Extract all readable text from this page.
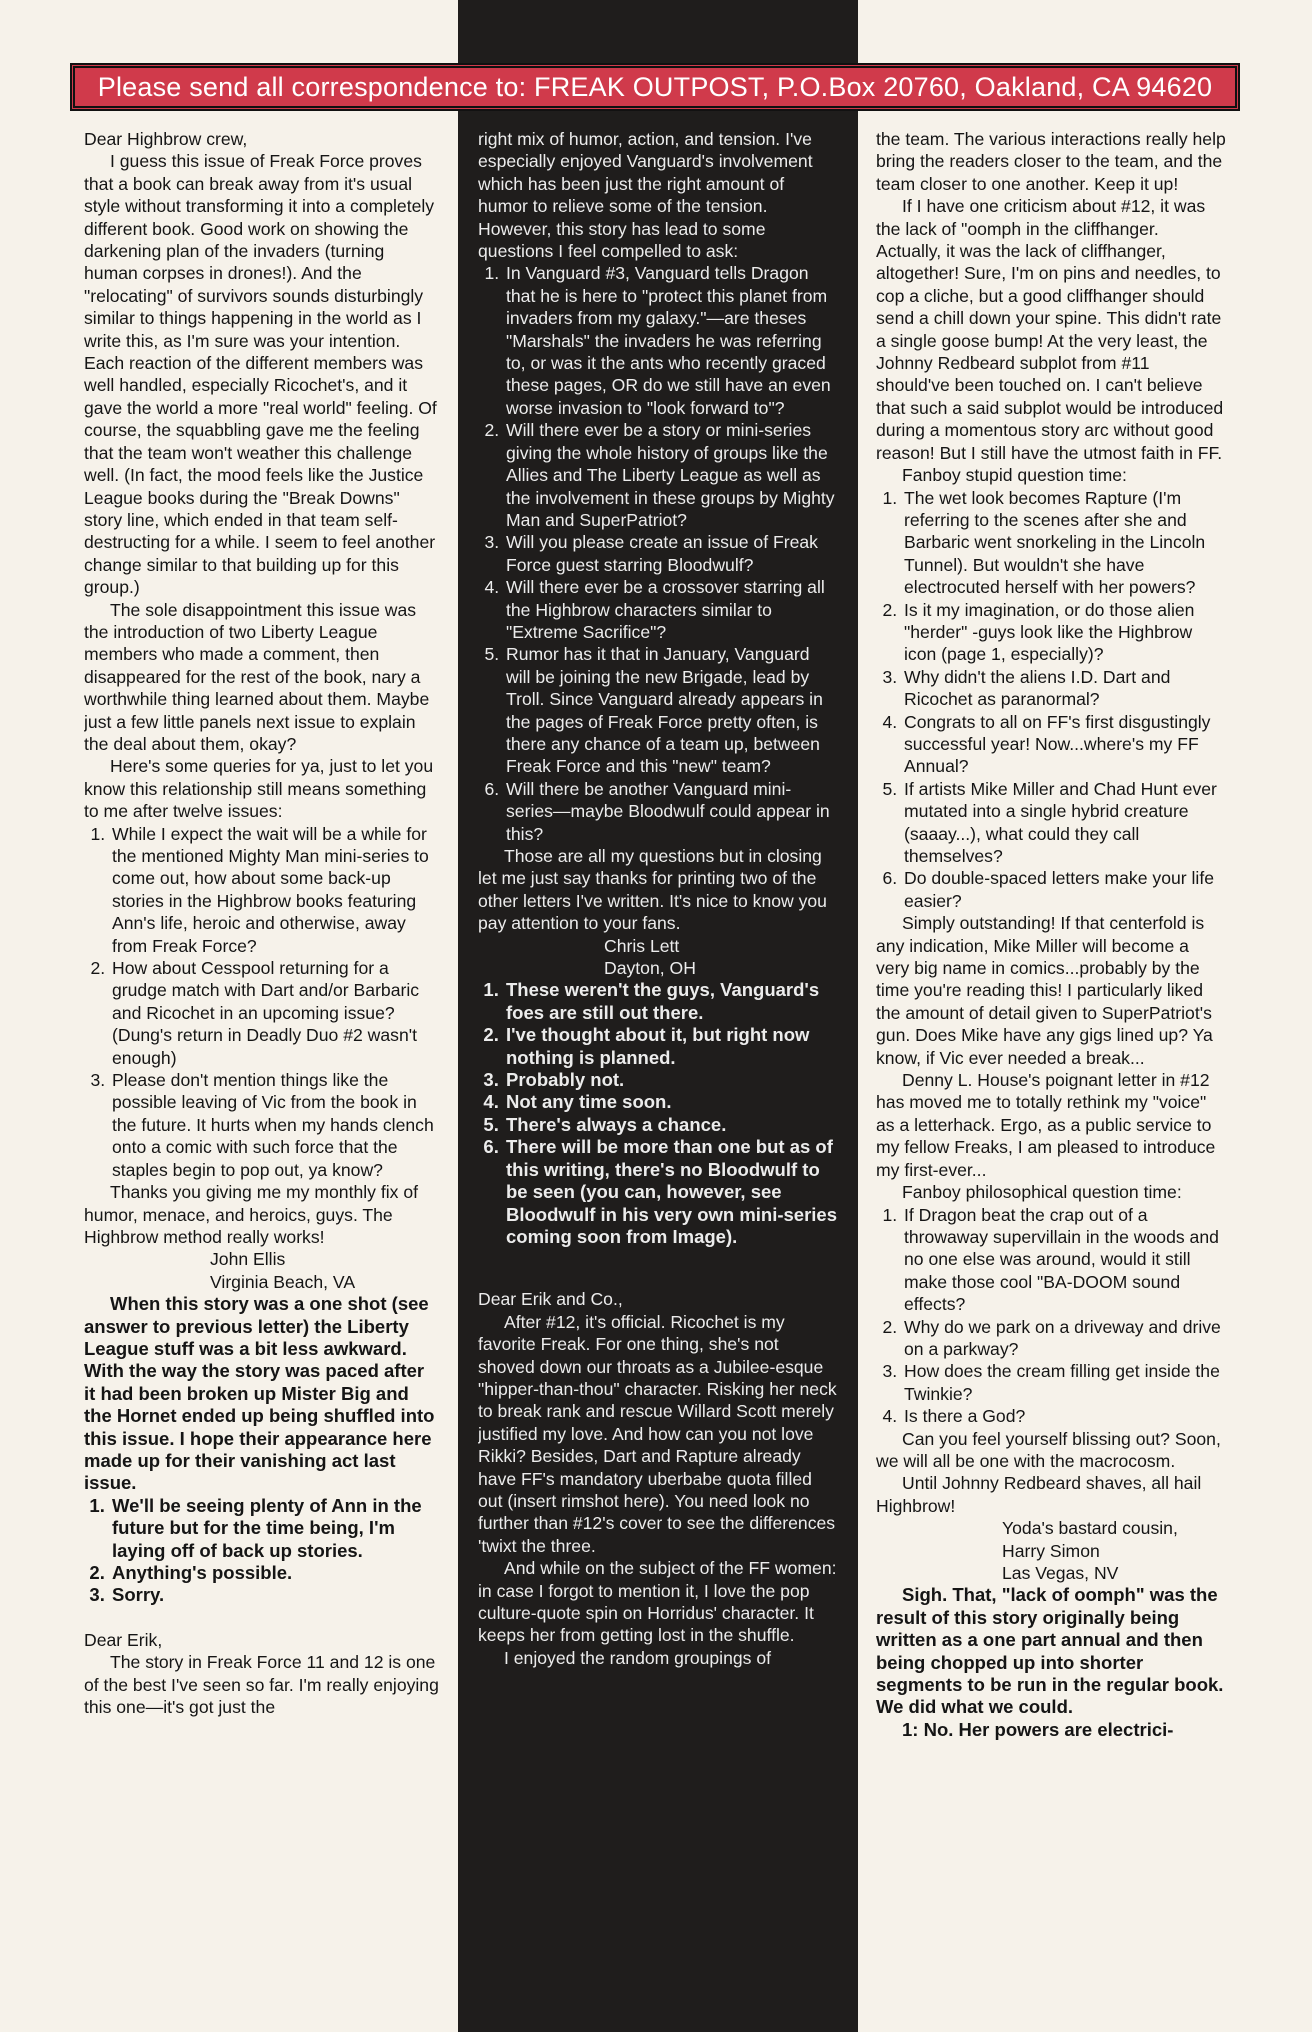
Please send all correspondence to: FREAK OUTPOST, P.O.Box 20760, Oakland, CA 94620

Dear Highbrow crew,

I guess this issue of Freak Force proves that a book can break away from it's usual style without transforming it into a completely different book. Good work on showing the darkening plan of the invaders (turning human corpses in drones!). And the "relocating" of survivors sounds disturbingly similar to things happening in the world as I write this, as I'm sure was your intention. Each reaction of the different members was well handled, especially Ricochet's, and it gave the world a more "real world" feeling. Of course, the squabbling gave me the feeling that the team won't weather this challenge well. (In fact, the mood feels like the Justice League books during the "Break Downs" story line, which ended in that team self-destructing for a while. I seem to feel another change similar to that building up for this group.)

The sole disappointment this issue was the introduction of two Liberty League members who made a comment, then disappeared for the rest of the book, nary a worthwhile thing learned about them. Maybe just a few little panels next issue to explain the deal about them, okay?

Here's some queries for ya, just to let you know this relationship still means something to me after twelve issues:

1. While I expect the wait will be a while for the mentioned Mighty Man mini-series to come out, how about some back-up stories in the Highbrow books featuring Ann's life, heroic and otherwise, away from Freak Force?
2. How about Cesspool returning for a grudge match with Dart and/or Barbaric and Ricochet in an upcoming issue? (Dung's return in Deadly Duo #2 wasn't enough)
3. Please don't mention things like the possible leaving of Vic from the book in the future. It hurts when my hands clench onto a comic with such force that the staples begin to pop out, ya know?

Thanks you giving me my monthly fix of humor, menace, and heroics, guys. The Highbrow method really works!

John Ellis

Virginia Beach, VA

When this story was a one shot (see answer to previous letter) the Liberty League stuff was a bit less awkward. With the way the story was paced after it had been broken up Mister Big and the Hornet ended up being shuffled into this issue. I hope their appearance here made up for their vanishing act last issue.

1. We'll be seeing plenty of Ann in the future but for the time being, I'm laying off of back up stories.
2. Anything's possible.
3. Sorry.

Dear Erik,

The story in Freak Force 11 and 12 is one of the best I've seen so far. I'm really enjoying this one—it's got just the

right mix of humor, action, and tension. I've especially enjoyed Vanguard's involvement which has been just the right amount of humor to relieve some of the tension. However, this story has lead to some questions I feel compelled to ask:

1. In Vanguard #3, Vanguard tells Dragon that he is here to "protect this planet from invaders from my galaxy."—are theses "Marshals" the invaders he was referring to, or was it the ants who recently graced these pages, OR do we still have an even worse invasion to "look forward to"?
2. Will there ever be a story or mini-series giving the whole history of groups like the Allies and The Liberty League as well as the involvement in these groups by Mighty Man and SuperPatriot?
3. Will you please create an issue of Freak Force guest starring Bloodwulf?
4. Will there ever be a crossover starring all the Highbrow characters similar to "Extreme Sacrifice"?
5. Rumor has it that in January, Vanguard will be joining the new Brigade, lead by Troll. Since Vanguard already appears in the pages of Freak Force pretty often, is there any chance of a team up, between Freak Force and this "new" team?
6. Will there be another Vanguard mini-series—maybe Bloodwulf could appear in this?

Those are all my questions but in closing let me just say thanks for printing two of the other letters I've written. It's nice to know you pay attention to your fans.

Chris Lett

Dayton, OH

1. These weren't the guys, Vanguard's foes are still out there.
2. I've thought about it, but right now nothing is planned.
3. Probably not.
4. Not any time soon.
5. There's always a chance.
6. There will be more than one but as of this writing, there's no Bloodwulf to be seen (you can, however, see Bloodwulf in his very own mini-series coming soon from Image).

Dear Erik and Co.,

After #12, it's official. Ricochet is my favorite Freak. For one thing, she's not shoved down our throats as a Jubilee-esque "hipper-than-thou" character. Risking her neck to break rank and rescue Willard Scott merely justified my love. And how can you not love Rikki? Besides, Dart and Rapture already have FF's mandatory uberbabe quota filled out (insert rimshot here). You need look no further than #12's cover to see the differences 'twixt the three.

And while on the subject of the FF women: in case I forgot to mention it, I love the pop culture-quote spin on Horridus' character. It keeps her from getting lost in the shuffle.

I enjoyed the random groupings of

the team. The various interactions really help bring the readers closer to the team, and the team closer to one another. Keep it up!

If I have one criticism about #12, it was the lack of "oomph in the cliffhanger. Actually, it was the lack of cliffhanger, altogether! Sure, I'm on pins and needles, to cop a cliche, but a good cliffhanger should send a chill down your spine. This didn't rate a single goose bump! At the very least, the Johnny Redbeard subplot from #11 should've been touched on. I can't believe that such a said subplot would be introduced during a momentous story arc without good reason! But I still have the utmost faith in FF.

Fanboy stupid question time:

1. The wet look becomes Rapture (I'm referring to the scenes after she and Barbaric went snorkeling in the Lincoln Tunnel). But wouldn't she have electrocuted herself with her powers?
2. Is it my imagination, or do those alien "herder" -guys look like the Highbrow icon (page 1, especially)?
3. Why didn't the aliens I.D. Dart and Ricochet as paranormal?
4. Congrats to all on FF's first disgustingly successful year! Now...where's my FF Annual?
5. If artists Mike Miller and Chad Hunt ever mutated into a single hybrid creature (saaay...), what could they call themselves?
6. Do double-spaced letters make your life easier?

Simply outstanding! If that centerfold is any indication, Mike Miller will become a very big name in comics...probably by the time you're reading this! I particularly liked the amount of detail given to SuperPatriot's gun. Does Mike have any gigs lined up? Ya know, if Vic ever needed a break...

Denny L. House's poignant letter in #12 has moved me to totally rethink my "voice" as a letterhack. Ergo, as a public service to my fellow Freaks, I am pleased to introduce my first-ever...

Fanboy philosophical question time:

1. If Dragon beat the crap out of a throwaway supervillain in the woods and no one else was around, would it still make those cool "BA-DOOM sound effects?
2. Why do we park on a driveway and drive on a parkway?
3. How does the cream filling get inside the Twinkie?
4. Is there a God?

Can you feel yourself blissing out? Soon, we will all be one with the macrocosm.

Until Johnny Redbeard shaves, all hail Highbrow!

Yoda's bastard cousin,

Harry Simon

Las Vegas, NV

Sigh. That, "lack of oomph" was the result of this story originally being written as a one part annual and then being chopped up into shorter segments to be run in the regular book. We did what we could.

1: No. Her powers are electrici-
